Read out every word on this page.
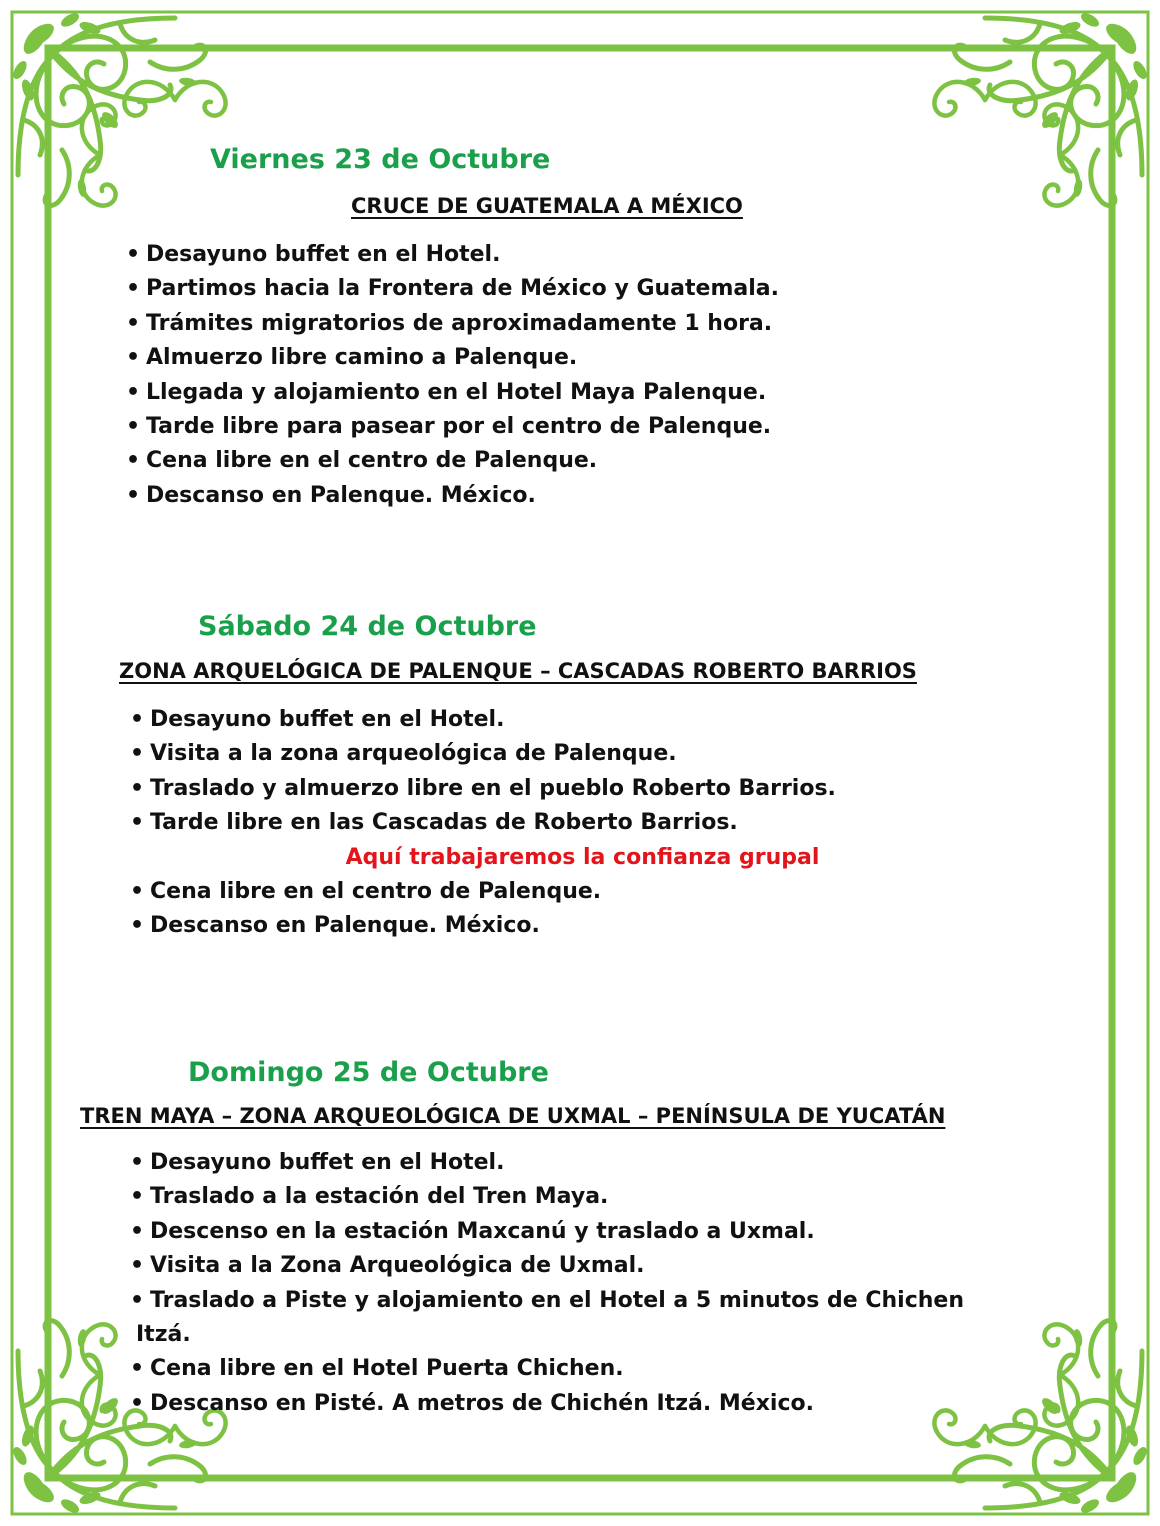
Viernes 23 de Octubre
CRUCE DE GUATEMALA A MÉXICO
• Desayuno buffet en el Hotel.
• Partimos hacia la Frontera de México y Guatemala.
• Trámites migratorios de aproximadamente 1 hora.
• Almuerzo libre camino a Palenque.
• Llegada y alojamiento en el Hotel Maya Palenque.
• Tarde libre para pasear por el centro de Palenque.
• Cena libre en el centro de Palenque.
• Descanso en Palenque. México.
Sábado 24 de Octubre
ZONA ARQUELÓGICA DE PALENQUE – CASCADAS ROBERTO BARRIOS
• Desayuno buffet en el Hotel.
• Visita a la zona arqueológica de Palenque.
• Traslado y almuerzo libre en el pueblo Roberto Barrios.
• Tarde libre en las Cascadas de Roberto Barrios.
Aquí trabajaremos la confianza grupal
• Cena libre en el centro de Palenque.
• Descanso en Palenque. México.
Domingo 25 de Octubre
TREN MAYA – ZONA ARQUEOLÓGICA DE UXMAL – PENÍNSULA DE YUCATÁN
• Desayuno buffet en el Hotel.
• Traslado a la estación del Tren Maya.
• Descenso en la estación Maxcanú y traslado a Uxmal.
• Visita a la Zona Arqueológica de Uxmal.
• Traslado a Piste y alojamiento en el Hotel a 5 minutos de Chichen
Itzá.
• Cena libre en el Hotel Puerta Chichen.
• Descanso en Pisté. A metros de Chichén Itzá. México.
